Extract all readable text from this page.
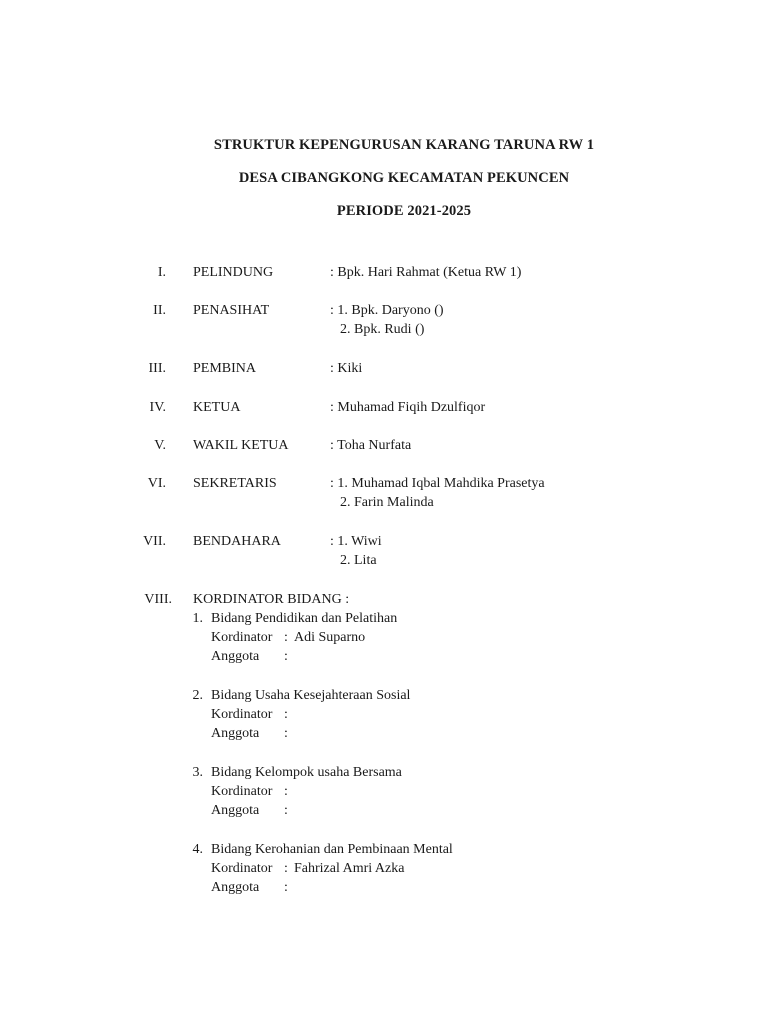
STRUKTUR KEPENGURUSAN KARANG TARUNA RW 1
DESA CIBANGKONG KECAMATAN PEKUNCEN
PERIODE 2021-2025
I. PELINDUNG	: Bpk. Hari Rahmat (Ketua RW 1)
II. PENASIHAT	: 1. Bpk. Daryono ()
2. Bpk. Rudi ()
III. PEMBINA	: Kiki
IV. KETUA	: Muhamad Fiqih Dzulfiqor
V. WAKIL KETUA	: Toha Nurfata
VI. SEKRETARIS	: 1. Muhamad Iqbal Mahdika Prasetya
2. Farin Malinda
VII. BENDAHARA	: 1. Wiwi
2. Lita
VIII. KORDINATOR BIDANG :
1. Bidang Pendidikan dan Pelatihan
Kordinator : Adi Suparno
Anggota :
2. Bidang Usaha Kesejahteraan Sosial
Kordinator :
Anggota :
3. Bidang Kelompok usaha Bersama
Kordinator :
Anggota :
4. Bidang Kerohanian dan Pembinaan Mental
Kordinator : Fahrizal Amri Azka
Anggota :
